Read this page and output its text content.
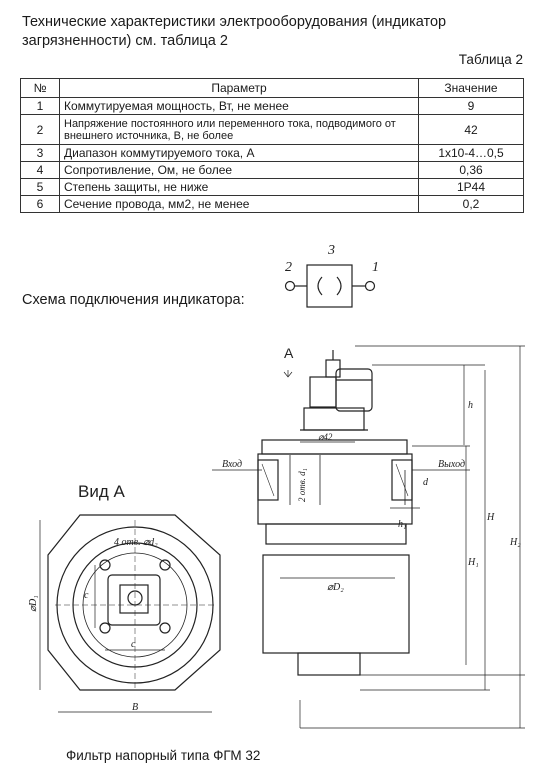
Технические характеристики электрооборудования (индикатор загрязненности) см. таблица 2
Таблица 2
№	Параметр	Значение
1	Коммутируемая мощность, Вт, не менее	9
2	Напряжение постоянного или переменного тока, подводимого от внешнего источника, В, не более	42
3	Диапазон коммутируемого тока, А	1х10-4…0,5
4	Сопротивление, Ом, не более	0,36
5	Степень защиты, не ниже	1Р44
6	Сечение провода, мм2, не менее	0,2
Схема подключения индикатора:
2
3
1
Вид А
А
4 отв. ⌀d₂
c
c
B
⌀D₁
⌀D₂
⌀42
2 отв. d₁	d
h
h₁
H
H₁
H₂
Вход	Выход
Фильтр напорный типа ФГМ 32
